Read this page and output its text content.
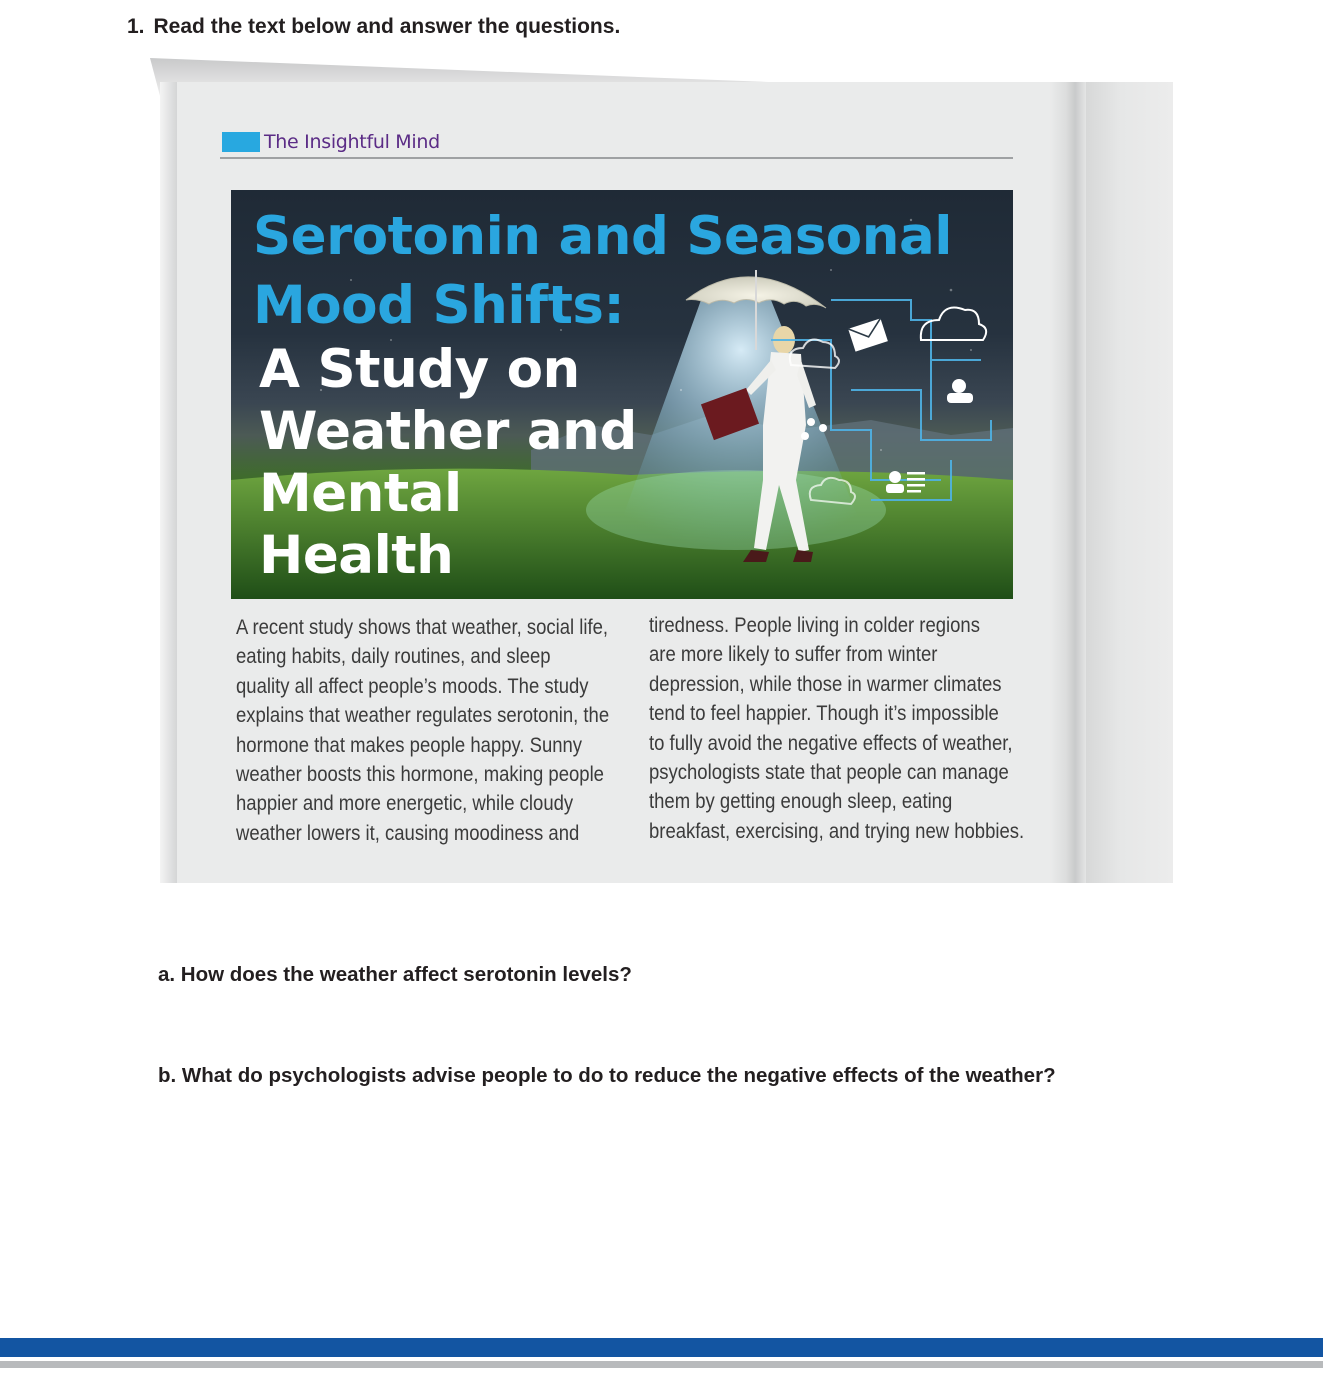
1. Read the text below and answer the questions.
The Insightful Mind
Serotonin and Seasonal Mood Shifts:
A Study on Weather and Mental Health
A recent study shows that weather, social life,
eating habits, daily routines, and sleep
quality all affect people’s moods. The study
explains that weather regulates serotonin, the
hormone that makes people happy. Sunny
weather boosts this hormone, making people
happier and more energetic, while cloudy
weather lowers it, causing moodiness and
tiredness. People living in colder regions
are more likely to suffer from winter
depression, while those in warmer climates
tend to feel happier. Though it’s impossible
to fully avoid the negative effects of weather,
psychologists state that people can manage
them by getting enough sleep, eating
breakfast, exercising, and trying new hobbies.
a. How does the weather affect serotonin levels?
b. What do psychologists advise people to do to reduce the negative effects of the weather?
